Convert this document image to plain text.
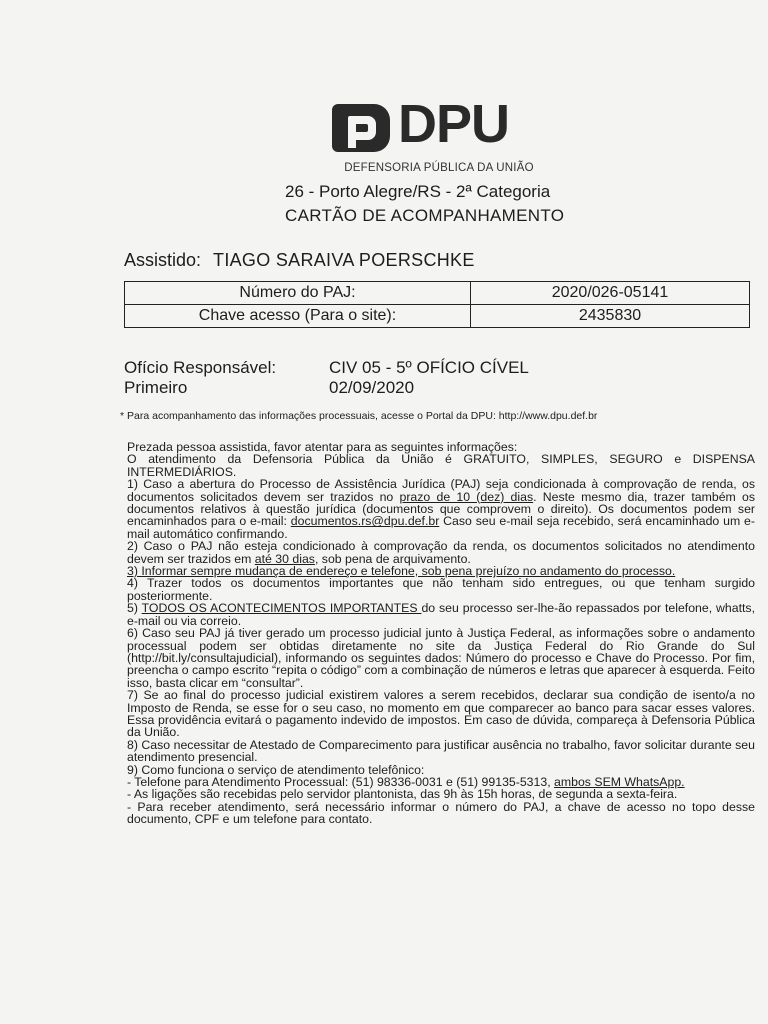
DPU
DEFENSORIA PÚBLICA DA UNIÃO
26 - Porto Alegre/RS - 2ª Categoria
CARTÃO DE ACOMPANHAMENTO
Assistido: TIAGO SARAIVA POERSCHKE
Número do PAJ:	2020/026-05141
Chave acesso (Para o site):	2435830
Ofício Responsável:	CIV 05 - 5º OFÍCIO CÍVEL
Primeiro	02/09/2020
* Para acompanhamento das informações processuais, acesse o Portal da DPU: http://www.dpu.def.br

Prezada pessoa assistida, favor atentar para as seguintes informações:

O atendimento da Defensoria Pública da União é GRATUITO, SIMPLES, SEGURO e DISPENSA INTERMEDIÁRIOS.

1) Caso a abertura do Processo de Assistência Jurídica (PAJ) seja condicionada à comprovação de renda, os documentos solicitados devem ser trazidos no prazo de 10 (dez) dias. Neste mesmo dia, trazer também os documentos relativos à questão jurídica (documentos que comprovem o direito). Os documentos podem ser encaminhados para o e-mail: documentos.rs@dpu.def.br Caso seu e-mail seja recebido, será encaminhado um e-mail automático confirmando.

2) Caso o PAJ não esteja condicionado à comprovação da renda, os documentos solicitados no atendimento devem ser trazidos em até 30 dias, sob pena de arquivamento.

3) Informar sempre mudança de endereço e telefone, sob pena prejuízo no andamento do processo.

4) Trazer todos os documentos importantes que não tenham sido entregues, ou que tenham surgido posteriormente.

5) TODOS OS ACONTECIMENTOS IMPORTANTES do seu processo ser-lhe-ão repassados por telefone, whatts, e-mail ou via correio.

6) Caso seu PAJ já tiver gerado um processo judicial junto à Justiça Federal, as informações sobre o andamento processual podem ser obtidas diretamente no site da Justiça Federal do Rio Grande do Sul (http://bit.ly/consultajudicial), informando os seguintes dados: Número do processo e Chave do Processo. Por fim, preencha o campo escrito “repita o código” com a combinação de números e letras que aparecer à esquerda. Feito isso, basta clicar em “consultar”.

7) Se ao final do processo judicial existirem valores a serem recebidos, declarar sua condição de isento/a no Imposto de Renda, se esse for o seu caso, no momento em que comparecer ao banco para sacar esses valores. Essa providência evitará o pagamento indevido de impostos. Em caso de dúvida, compareça à Defensoria Pública da União.

8) Caso necessitar de Atestado de Comparecimento para justificar ausência no trabalho, favor solicitar durante seu atendimento presencial.

9) Como funciona o serviço de atendimento telefônico:

- Telefone para Atendimento Processual: (51) 98336-0031 e (51) 99135-5313, ambos SEM WhatsApp.

- As ligações são recebidas pelo servidor plantonista, das 9h às 15h horas, de segunda a sexta-feira.

- Para receber atendimento, será necessário informar o número do PAJ, a chave de acesso no topo desse documento, CPF e um telefone para contato.
